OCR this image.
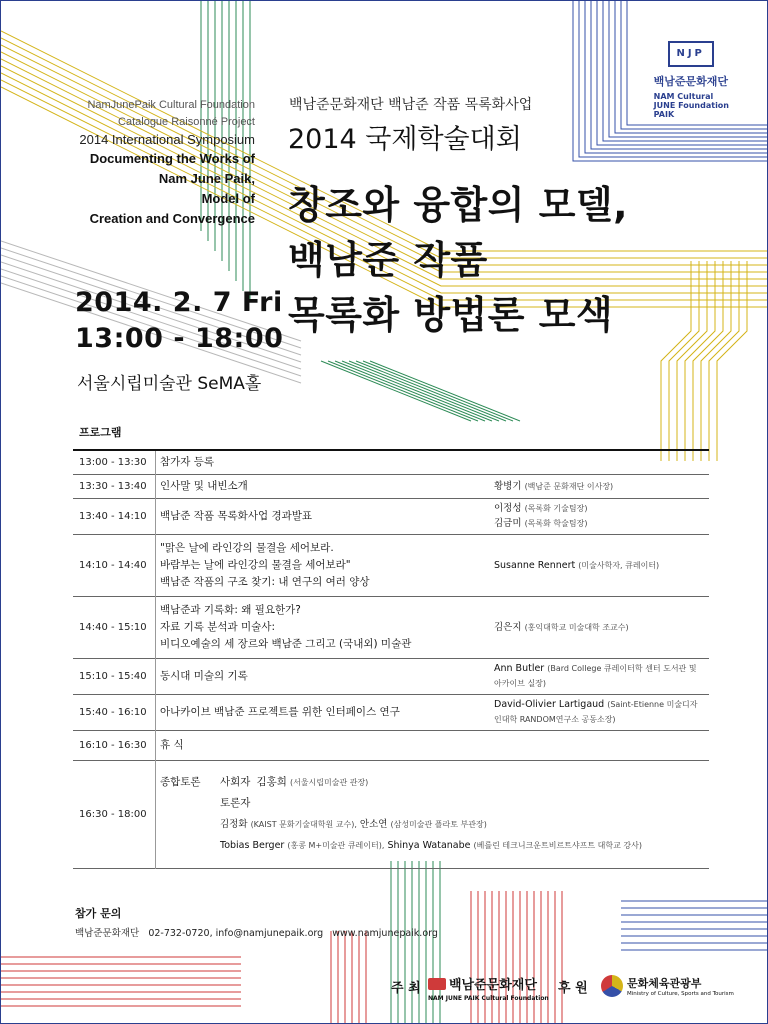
NJP
백남준문화재단
NAM Cultural
JUNE Foundation
PAIK
NamJunePaik Cultural Foundation
Catalogue Raisonné Project
2014 International Symposium
Documenting the Works of
Nam June Paik,
Model of
Creation and Convergence
백남준문화재단 백남준 작품 목록화사업
2014 국제학술대회
창조와 융합의 모델,
백남준 작품
목록화 방법론 모색
2014. 2. 7 Fri
13:00 - 18:00
서울시립미술관 SeMA홀
프로그램
13:00 - 13:30	참가자 등록	

13:30 - 13:40	인사말 및 내빈소개	황병기 (백남준 문화재단 이사장)

13:40 - 14:10	백남준 작품 목록화사업 경과발표	이정성 (목록화 기술팀장)
김금미 (목록화 학술팀장)

14:10 - 14:40	"맑은 날에 라인강의 물결을 세어보라.
바람부는 날에 라인강의 물결을 세어보라"
백남준 작품의 구조 찾기: 내 연구의 여러 양상	Susanne Rennert (미술사학자, 큐레이터)

14:40 - 15:10	백남준과 기록화: 왜 필요한가?
자료 기록 분석과 미술사:
비디오예술의 세 장르와 백남준 그리고 (국내외) 미술관	김은지 (홍익대학교 미술대학 조교수)

15:10 - 15:40	동시대 미술의 기록	Ann Butler (Bard College 큐레이터학 센터 도서관 및 아카이브 실장)

15:40 - 16:10	아나카이브 백남준 프로젝트를 위한 인터페이스 연구	David-Olivier Lartigaud (Saint-Etienne 미술디자인대학 RANDOM연구소 공동소장)

16:10 - 16:30	휴 식	

16:30 - 18:00	종합토론 사회자 김홍희 (서울시립미술관 관장)
토론자
김정화 (KAIST 문화기술대학원 교수), 안소연 (삼성미술관 플라토 부관장)
Tobias Berger (홍콩 M+미술관 큐레이터), Shinya Watanabe (베를린 테크니크운트비르트샤프트 대학교 강사)	
참가 문의
백남준문화재단 02-732-0720, info@namjunepaik.org www.namjunepaik.org
주 최 백남준문화재단
NAM JUNE PAIK Cultural Foundation
후 원	문화체육관광부
Ministry of Culture, Sports and Tourism
